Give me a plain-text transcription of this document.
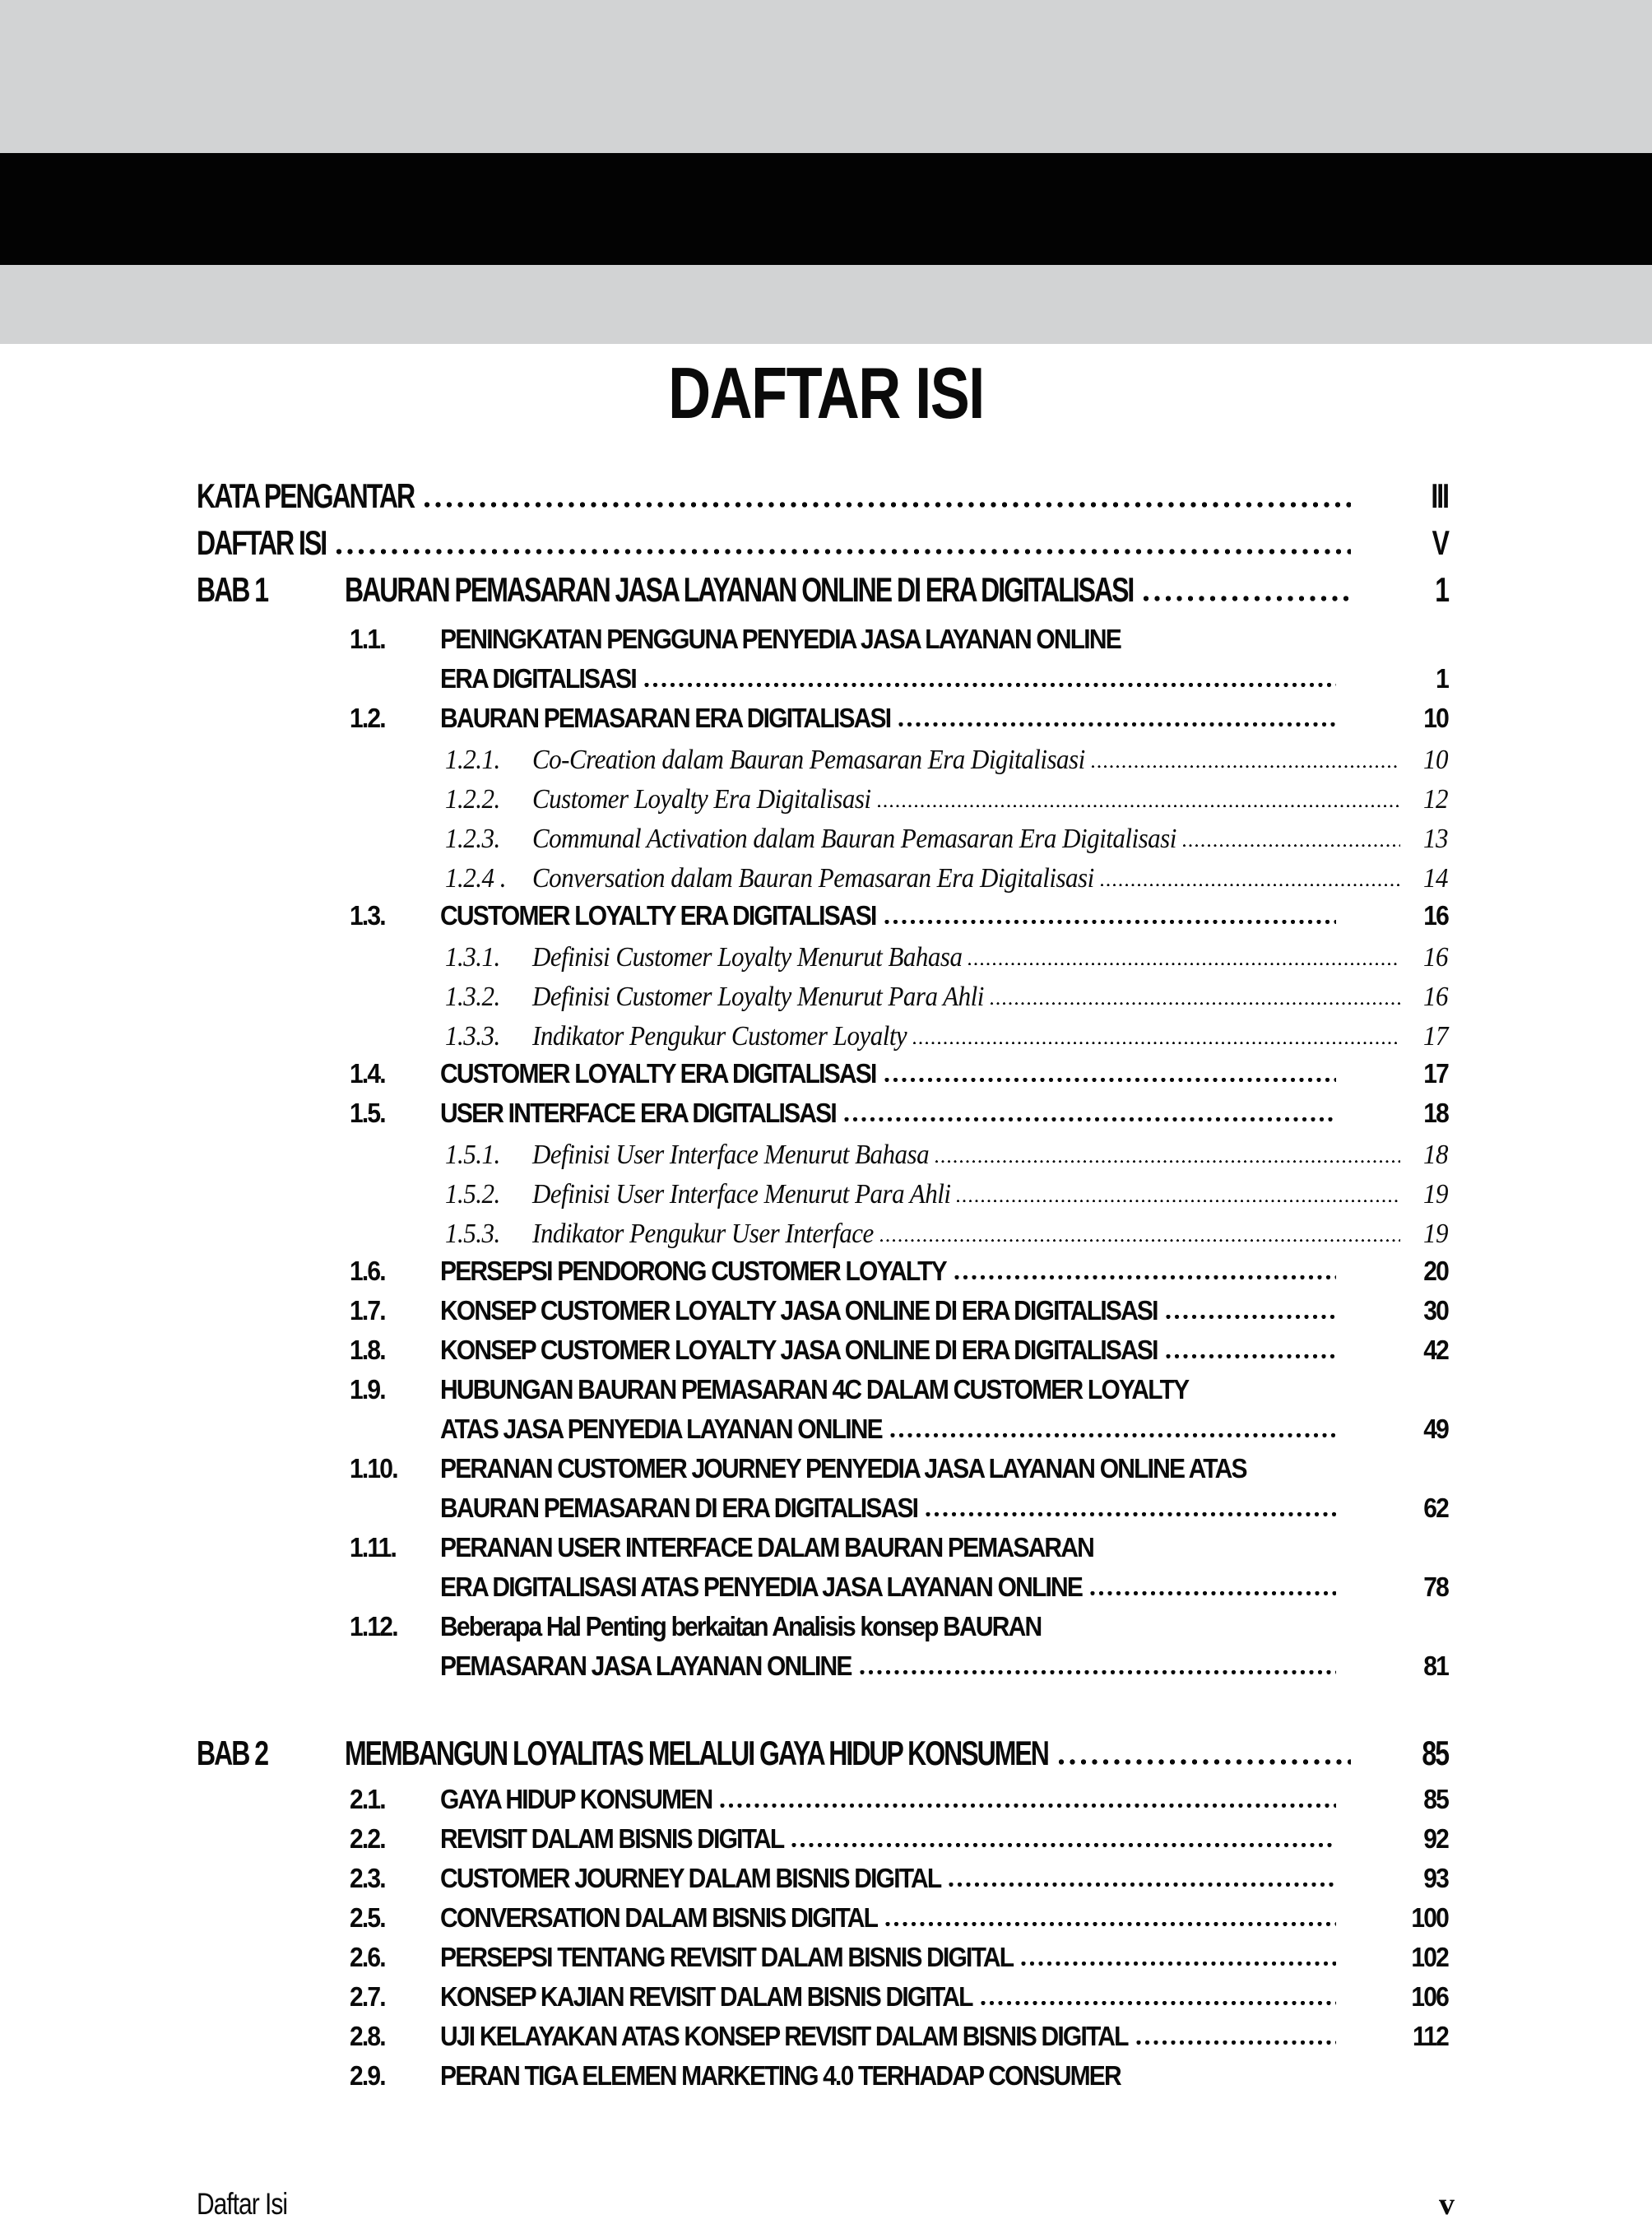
DAFTAR ISI
KATA PENGANTAR	III
DAFTAR ISI	V
BAB 1	BAURAN PEMASARAN JASA LAYANAN ONLINE DI ERA DIGITALISASI	1
1.1.	PENINGKATAN PENGGUNA PENYEDIA JASA LAYANAN ONLINE
ERA DIGITALISASI	1
1.2.	BAURAN PEMASARAN ERA DIGITALISASI	10
1.2.1.	Co-Creation dalam Bauran Pemasaran Era Digitalisasi	10
1.2.2.	Customer Loyalty Era Digitalisasi	12
1.2.3.	Communal Activation dalam Bauran Pemasaran Era Digitalisasi	13
1.2.4 .	Conversation dalam Bauran Pemasaran Era Digitalisasi	14
1.3.	CUSTOMER LOYALTY ERA DIGITALISASI	16
1.3.1.	Definisi Customer Loyalty Menurut Bahasa	16
1.3.2.	Definisi Customer Loyalty Menurut Para Ahli	16
1.3.3.	Indikator Pengukur Customer Loyalty	17
1.4.	CUSTOMER LOYALTY ERA DIGITALISASI	17
1.5.	USER INTERFACE ERA DIGITALISASI	18
1.5.1.	Definisi User Interface Menurut Bahasa	18
1.5.2.	Definisi User Interface Menurut Para Ahli	19
1.5.3.	Indikator Pengukur User Interface	19
1.6.	PERSEPSI PENDORONG CUSTOMER LOYALTY	20
1.7.	KONSEP CUSTOMER LOYALTY JASA ONLINE DI ERA DIGITALISASI	30
1.8.	KONSEP CUSTOMER LOYALTY JASA ONLINE DI ERA DIGITALISASI	42
1.9.	HUBUNGAN BAURAN PEMASARAN 4C DALAM CUSTOMER LOYALTY
ATAS JASA PENYEDIA LAYANAN ONLINE	49
1.10.	PERANAN CUSTOMER JOURNEY PENYEDIA JASA LAYANAN ONLINE ATAS
BAURAN PEMASARAN DI ERA DIGITALISASI	62
1.11.	PERANAN USER INTERFACE DALAM BAURAN PEMASARAN
ERA DIGITALISASI ATAS PENYEDIA JASA LAYANAN ONLINE	78
1.12.	Beberapa Hal Penting berkaitan Analisis konsep BAURAN
PEMASARAN JASA LAYANAN ONLINE	81
BAB 2	MEMBANGUN LOYALITAS MELALUI GAYA HIDUP KONSUMEN	85
2.1.	GAYA HIDUP KONSUMEN	85
2.2.	REVISIT DALAM BISNIS DIGITAL	92
2.3.	CUSTOMER JOURNEY DALAM BISNIS DIGITAL	93
2.5.	CONVERSATION DALAM BISNIS DIGITAL	100
2.6.	PERSEPSI TENTANG REVISIT DALAM BISNIS DIGITAL	102
2.7.	KONSEP KAJIAN REVISIT DALAM BISNIS DIGITAL	106
2.8.	UJI KELAYAKAN ATAS KONSEP REVISIT DALAM BISNIS DIGITAL	112
2.9.	PERAN TIGA ELEMEN MARKETING 4.0 TERHADAP CONSUMER
Daftar Isi	v
